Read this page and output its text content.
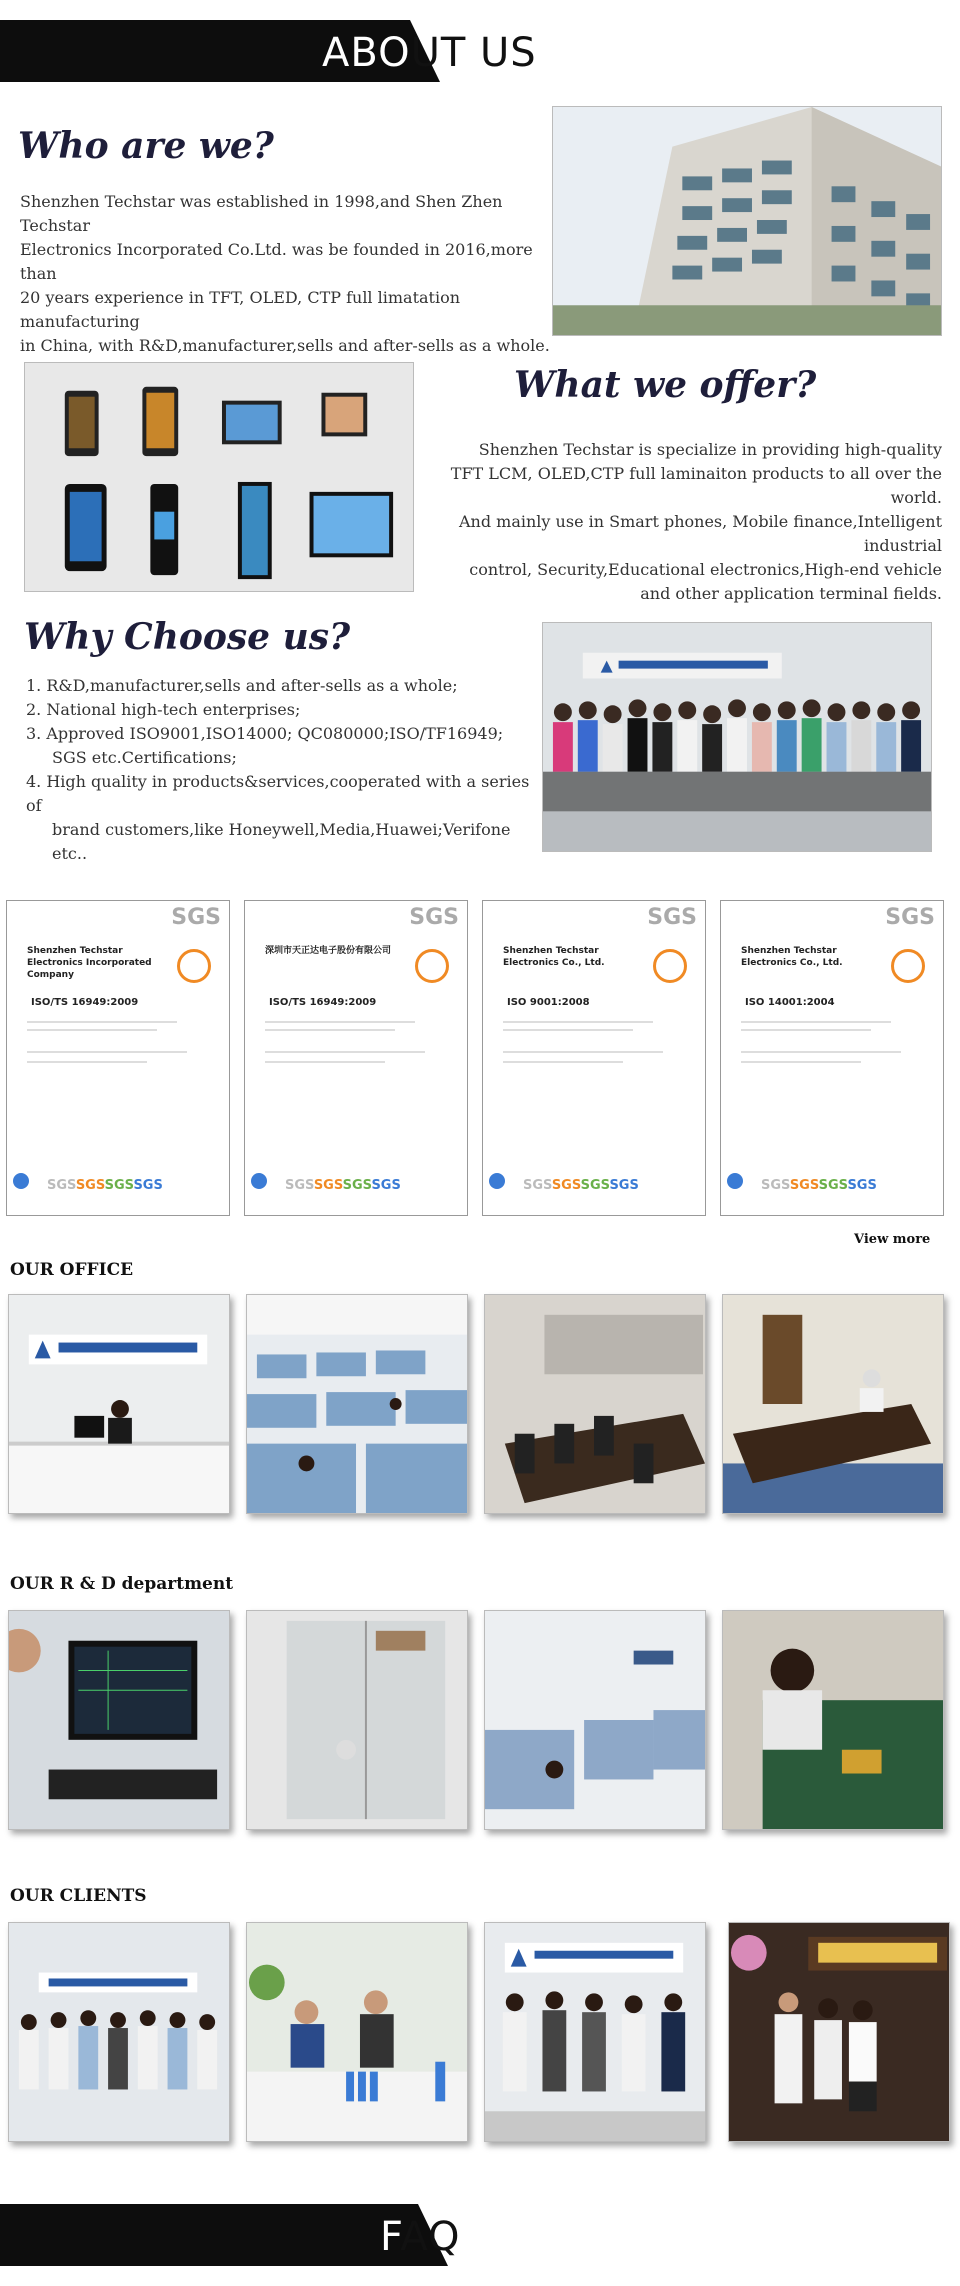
ABOUT US
Who are we?
Shenzhen Techstar was established in 1998,and Shen Zhen Techstar
Electronics Incorporated Co.Ltd. was be founded in 2016,more than
20 years experience in TFT, OLED, CTP full limatation manufacturing
in China, with R&D,manufacturer,sells and after-sells as a whole.
What we offer?
Shenzhen Techstar is specialize in providing high-quality
TFT LCM, OLED,CTP full laminaiton products to all over the world.
And mainly use in Smart phones, Mobile finance,Intelligent industrial
control, Security,Educational electronics,High-end vehicle
and other application terminal fields.
Why Choose us?
1. R&D,manufacturer,sells and after-sells as a whole;
2. National high-tech enterprises;
3. Approved ISO9001,ISO14000; QC080000;ISO/TF16949;
SGS etc.Certifications;
4. High quality in products&services,cooperated with a series of
brand customers,like Honeywell,Media,Huawei;Verifone etc..
SGS
Shenzhen Techstar Electronics Incorporated Company
ISO/TS 16949:2009
SGSSGSSGSSGS
SGS
深圳市天正达电子股份有限公司
ISO/TS 16949:2009
SGSSGSSGSSGS
SGS
Shenzhen Techstar Electronics Co., Ltd.
ISO 9001:2008
SGSSGSSGSSGS
SGS
Shenzhen Techstar Electronics Co., Ltd.
ISO 14001:2004
SGSSGSSGSSGS
View more
OUR OFFICE
OUR R & D department
OUR CLIENTS
FAQ
